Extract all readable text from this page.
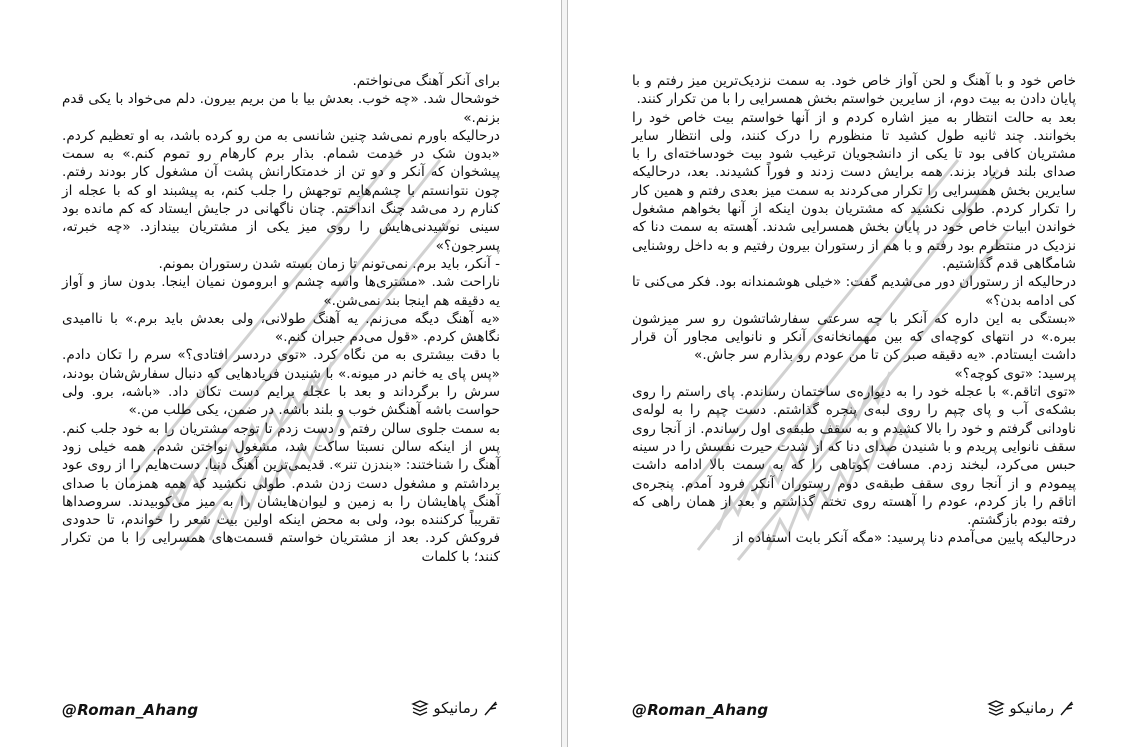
برای آنکر آهنگ می‌نواختم.

خوشحال شد. «چه خوب. بعدش بیا با من بریم بیرون. دلم می‌خواد با یکی قدم بزنم.»

درحالیکه باورم نمی‌شد چنین شانسی به من رو کرده باشد، به او تعظیم کردم. «بدون شک در خدمت شمام. بذار برم کارهام رو تموم کنم.» به سمت پیشخوان که آنکر و دو تن از خدمتکارانش پشت آن مشغول کار بودند رفتم. چون نتوانستم با چشم‌هایم توجهش را جلب کنم، به پیشبند او که با عجله از کنارم رد می‌شد چنگ انداختم. چنان ناگهانی در جایش ایستاد که کم مانده بود سینی نوشیدنی‌هایش را روی میز یکی از مشتریان بیندازد. «چه خبرته، پسرجون؟»

- آنکر، باید برم. نمی‌تونم تا زمان بسته شدن رستوران بمونم.

ناراحت شد. «مشتری‌ها واسه چشم و ابرومون نمیان اینجا. بدون ساز و آواز یه دقیقه هم اینجا بند نمی‌شن.»

«یه آهنگ دیگه می‌زنم. یه آهنگ طولانی، ولی بعدش باید برم.» با ناامیدی نگاهش کردم. «قول می‌دم جبران کنم.»

با دقت بیشتری به من نگاه کرد. «توی دردسر افتادی؟» سرم را تکان دادم. «پس پای یه خانم در میونه.» با شنیدن فریادهایی که دنبال سفارش‌شان بودند، سرش را برگرداند و بعد با عجله برایم دست تکان داد. «باشه، برو. ولی حواست باشه آهنگش خوب و بلند باشه. در ضمن، یکی طلب من.»

به سمت جلوی سالن رفتم و دست زدم تا توجه مشتریان را به خود جلب کنم. پس از اینکه سالن نسبتا ساکت شد، مشغول نواختن شدم. همه خیلی زود آهنگ را شناختند: «بندزن تنر». قدیمی‌ترین آهنگ دنیا. دست‌هایم را از روی عود برداشتم و مشغول دست زدن شدم. طولی نکشید که همه همزمان با صدای آهنگ پاهایشان را به زمین و لیوان‌هایشان را به میز می‌کوبیدند. سروصداها تقریباً کرکننده بود، ولی به محض اینکه اولین بیت شعر را خواندم، تا حدودی فروکش کرد. بعد از مشتریان خواستم قسمت‌های همسرایی را با من تکرار کنند؛ با کلمات

@Roman_Ahang	رمانیکو

خاص خود و با آهنگ و لحن آواز خاص خود. به سمت نزدیک‌ترین میز رفتم و با پایان دادن به بیت دوم، از سایرین خواستم بخش همسرایی را با من تکرار کنند.

بعد به حالت انتظار به میز اشاره کردم و از آنها خواستم بیت خاص خود را بخوانند. چند ثانیه طول کشید تا منظورم را درک کنند، ولی انتظار سایر مشتریان کافی بود تا یکی از دانشجویان ترغیب شود بیت خودساخته‌ای را با صدای بلند فریاد بزند. همه برایش دست زدند و فوراً کشیدند. بعد، درحالیکه سایرین بخش همسرایی را تکرار می‌کردند به سمت میز بعدی رفتم و همین کار را تکرار کردم. طولی نکشید که مشتریان بدون اینکه از آنها بخواهم مشغول خواندن ابیات خاص خود در پایان بخش همسرایی شدند. آهسته به سمت دنا که نزدیک در منتظرم بود رفتم و با هم از رستوران بیرون رفتیم و به داخل روشنایی شامگاهی قدم گذاشتیم.

درحالیکه از رستوران دور می‌شدیم گفت: «خیلی هوشمندانه بود. فکر می‌کنی تا کی ادامه بدن؟»

«بستگی به این داره که آنکر با چه سرعتی سفارشاتشون رو سر میزشون ببره.» در انتهای کوچه‌ای که بین مهمانخانه‌ی آنکر و نانوایی مجاور آن قرار داشت ایستادم. «یه دقیقه صبر کن تا من عودم رو بذارم سر جاش.»

پرسید: «توی کوچه؟»

«توی اتاقم.» با عجله خود را به دیواره‌ی ساختمان رساندم. پای راستم را روی بشکه‌ی آب و پای چپم را روی لبه‌ی پنجره گذاشتم. دست چپم را به لوله‌ی ناودانی گرفتم و خود را بالا کشیدم و به سقف طبقه‌ی اول رساندم. از آنجا روی سقف نانوایی پریدم و با شنیدن صدای دنا که از شدت حیرت نفسش را در سینه حبس می‌کرد، لبخند زدم. مسافت کوتاهی را که به سمت بالا ادامه داشت پیمودم و از آنجا روی سقف طبقه‌ی دوم رستوران آنکر فرود آمدم. پنجره‌ی اتاقم را باز کردم، عودم را آهسته روی تختم گذاشتم و بعد از همان راهی که رفته بودم بازگشتم.

درحالیکه پایین می‌آمدم دنا پرسید: «مگه آنکر بابت استفاده از

@Roman_Ahang	رمانیکو
